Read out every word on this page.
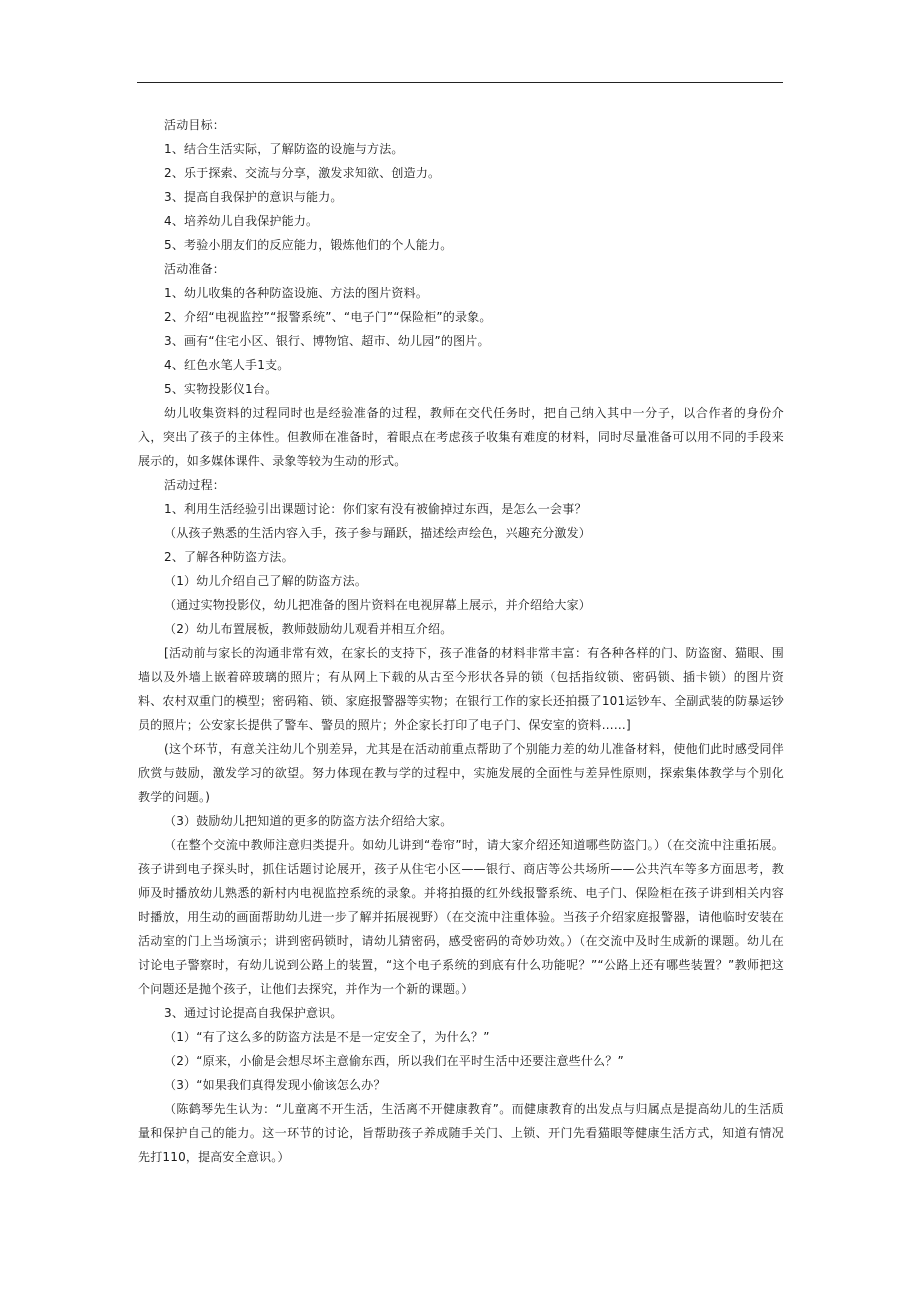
活动目标：

1、结合生活实际，了解防盗的设施与方法。

2、乐于探索、交流与分享，激发求知欲、创造力。

3、提高自我保护的意识与能力。

4、培养幼儿自我保护能力。

5、考验小朋友们的反应能力，锻炼他们的个人能力。

活动准备：

1、幼儿收集的各种防盗设施、方法的图片资料。

2、介绍“电视监控”“报警系统”、“电子门”“保险柜”的录象。

3、画有“住宅小区、银行、博物馆、超市、幼儿园”的图片。

4、红色水笔人手1支。

5、实物投影仪1台。

幼儿收集资料的过程同时也是经验准备的过程，教师在交代任务时，把自己纳入其中一分子，以合作者的身份介入，突出了孩子的主体性。但教师在准备时，着眼点在考虑孩子收集有难度的材料，同时尽量准备可以用不同的手段来展示的，如多媒体课件、录象等较为生动的形式。

活动过程：

1、利用生活经验引出课题讨论：你们家有没有被偷掉过东西，是怎么一会事？

（从孩子熟悉的生活内容入手，孩子参与踊跃，描述绘声绘色，兴趣充分激发）

2、了解各种防盗方法。

（1）幼儿介绍自己了解的防盗方法。

（通过实物投影仪，幼儿把准备的图片资料在电视屏幕上展示，并介绍给大家）

（2）幼儿布置展板，教师鼓励幼儿观看并相互介绍。

[活动前与家长的沟通非常有效，在家长的支持下，孩子准备的材料非常丰富：有各种各样的门、防盗窗、猫眼、围墙以及外墙上嵌着碎玻璃的照片；有从网上下载的从古至今形状各异的锁（包括指纹锁、密码锁、插卡锁）的图片资料、农村双重门的模型；密码箱、锁、家庭报警器等实物；在银行工作的家长还拍摄了101运钞车、全副武装的防暴运钞员的照片；公安家长提供了警车、警员的照片；外企家长打印了电子门、保安室的资料……]

(这个环节，有意关注幼儿个别差异，尤其是在活动前重点帮助了个别能力差的幼儿准备材料，使他们此时感受同伴欣赏与鼓励，激发学习的欲望。努力体现在教与学的过程中，实施发展的全面性与差异性原则，探索集体教学与个别化教学的问题。)

（3）鼓励幼儿把知道的更多的防盗方法介绍给大家。

（在整个交流中教师注意归类提升。如幼儿讲到“卷帘”时，请大家介绍还知道哪些防盗门。）（在交流中注重拓展。孩子讲到电子探头时，抓住话题讨论展开，孩子从住宅小区——银行、商店等公共场所——公共汽车等多方面思考，教师及时播放幼儿熟悉的新村内电视监控系统的录象。并将拍摄的红外线报警系统、电子门、保险柜在孩子讲到相关内容时播放，用生动的画面帮助幼儿进一步了解并拓展视野）（在交流中注重体验。当孩子介绍家庭报警器，请他临时安装在活动室的门上当场演示；讲到密码锁时，请幼儿猜密码，感受密码的奇妙功效。）（在交流中及时生成新的课题。幼儿在讨论电子警察时，有幼儿说到公路上的装置，“这个电子系统的到底有什么功能呢？”“公路上还有哪些装置？”教师把这个问题还是抛个孩子，让他们去探究，并作为一个新的课题。）

3、通过讨论提高自我保护意识。

（1）“有了这么多的防盗方法是不是一定安全了，为什么？”

（2）“原来，小偷是会想尽坏主意偷东西，所以我们在平时生活中还要注意些什么？”

（3）“如果我们真得发现小偷该怎么办？

（陈鹤琴先生认为：“儿童离不开生活，生活离不开健康教育”。而健康教育的出发点与归属点是提高幼儿的生活质量和保护自己的能力。这一环节的讨论，旨帮助孩子养成随手关门、上锁、开门先看猫眼等健康生活方式，知道有情况先打110，提高安全意识。）
